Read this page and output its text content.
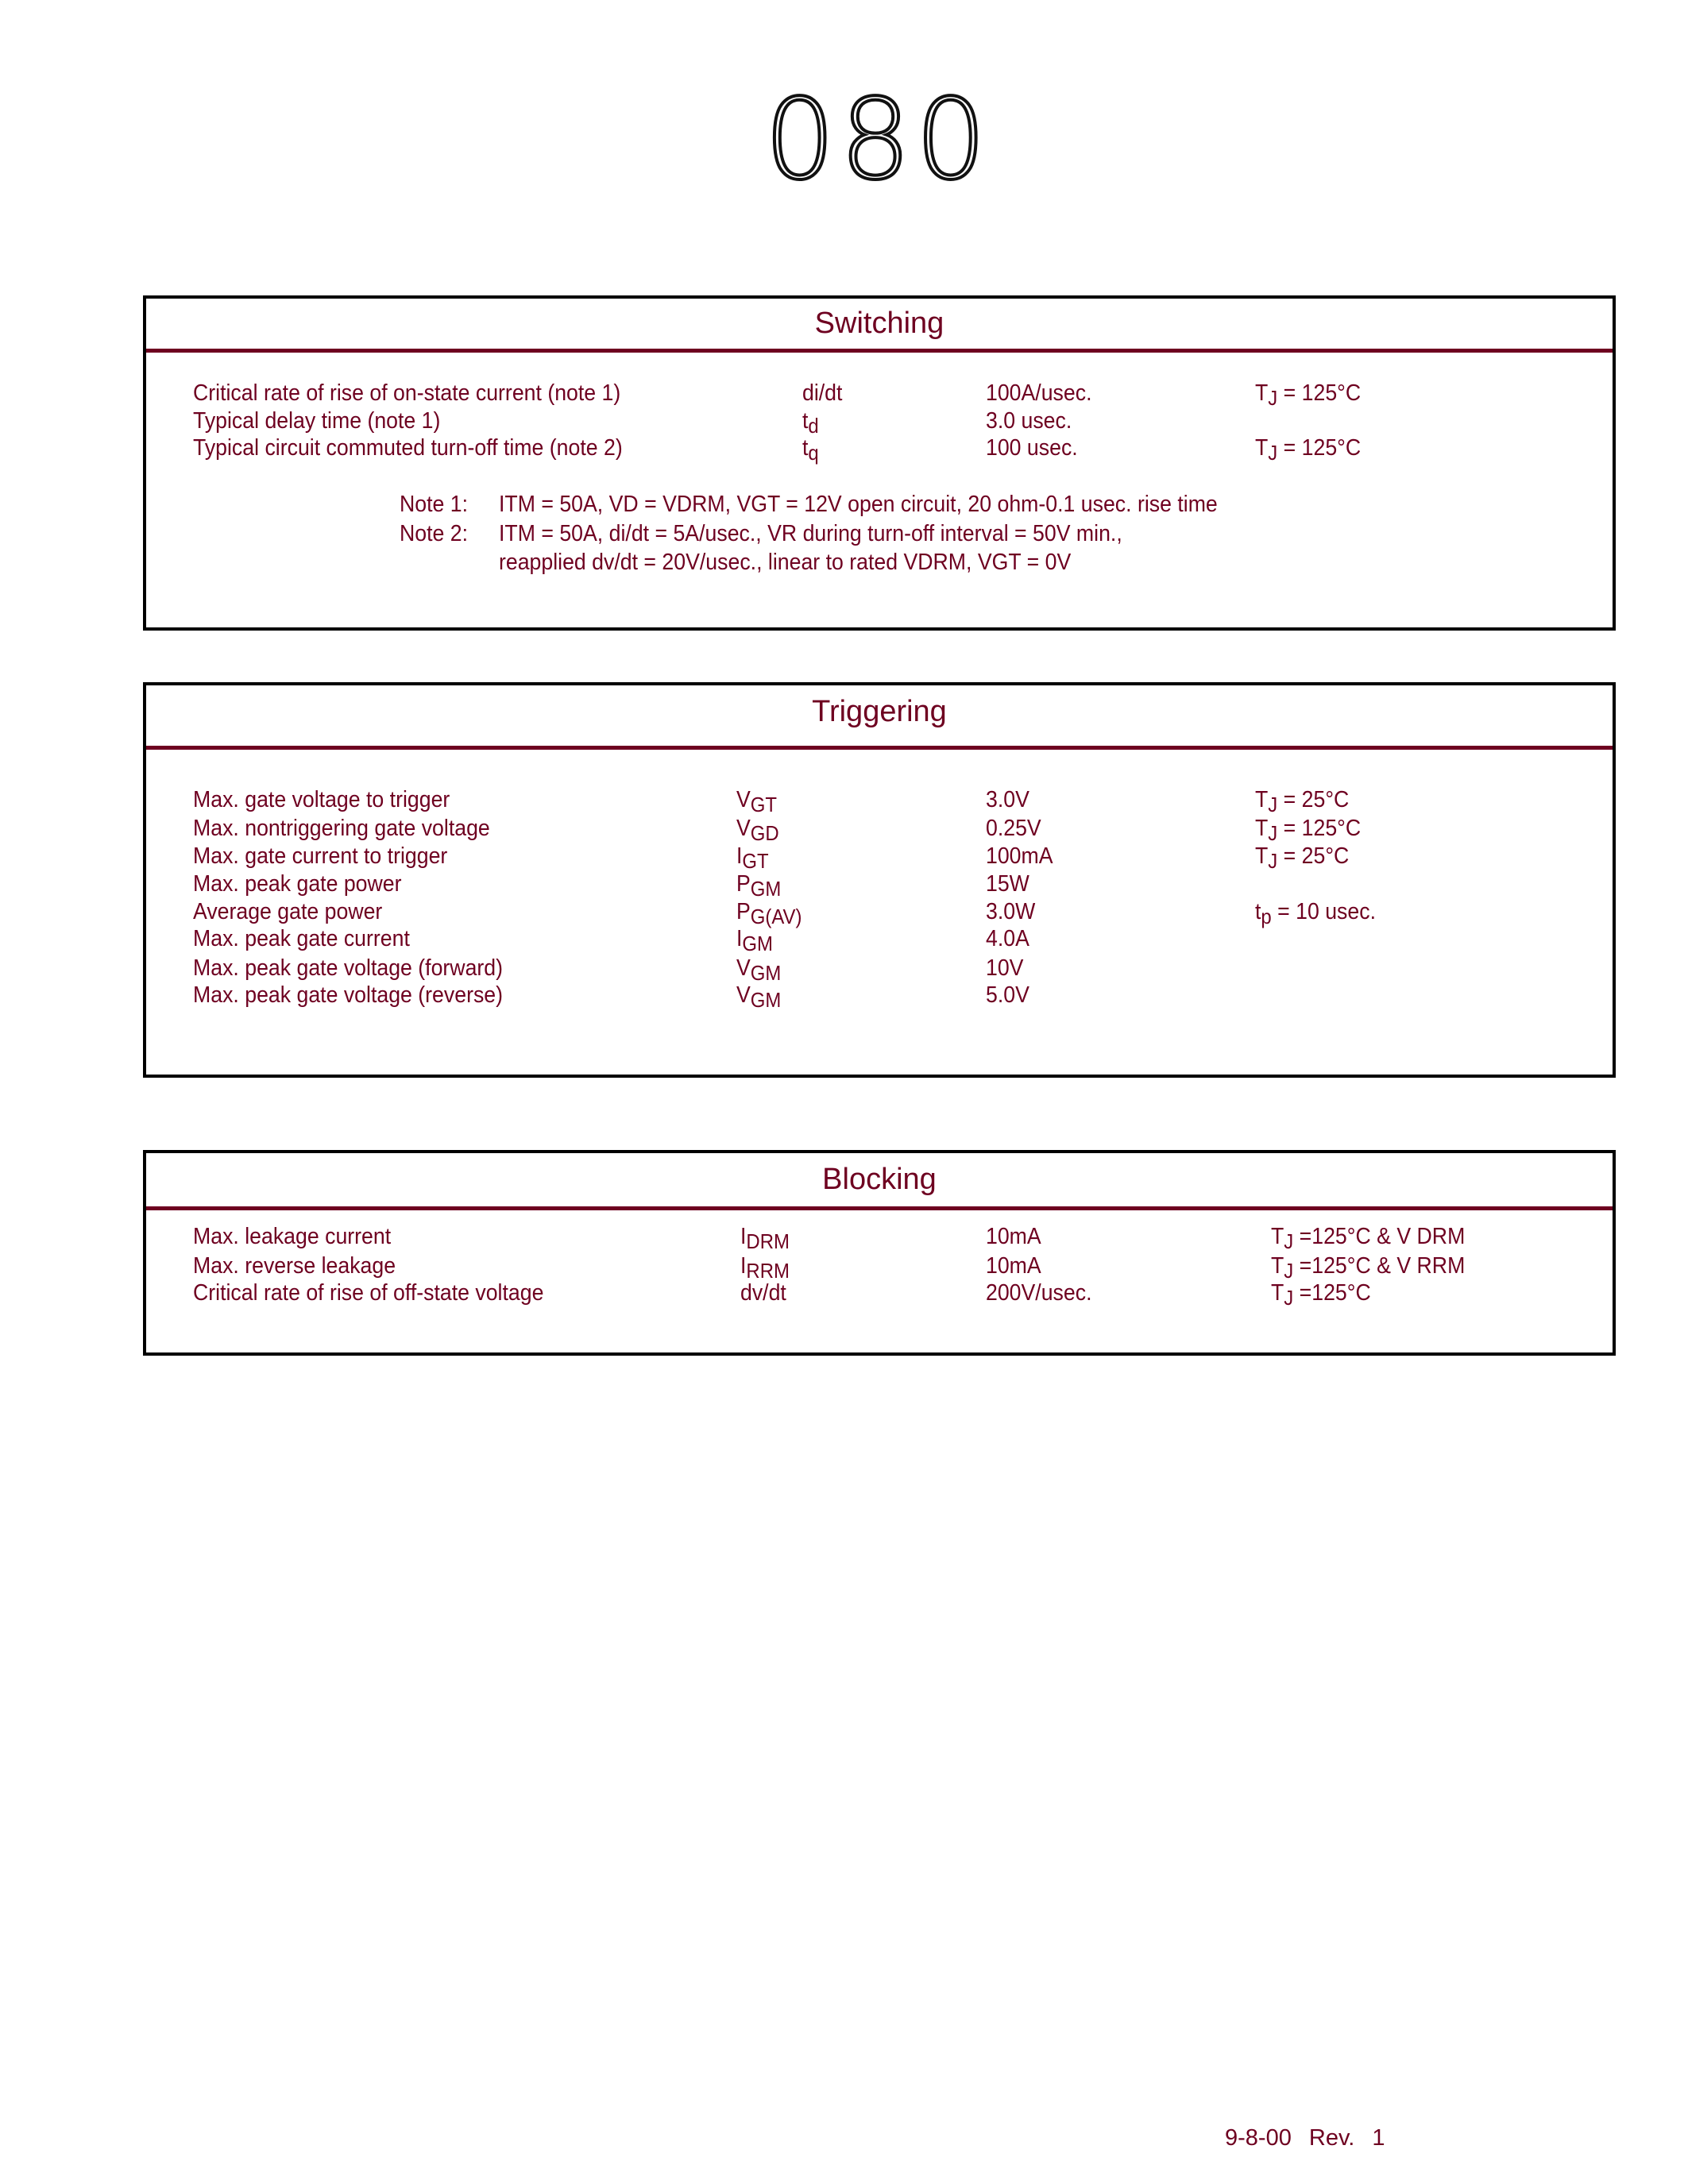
080
Switching
Triggering
Blocking
Critical rate of rise of on-state current (note 1)	di/dt	100A/usec.	TJ = 125°C
Typical delay time (note 1)	td	3.0 usec.
Typical circuit commuted turn-off time (note 2)	tq	100 usec.	TJ = 125°C
Max. gate voltage to trigger	VGT	3.0V	TJ = 25°C
Max. nontriggering gate voltage	VGD	0.25V	TJ = 125°C
Max. gate current to trigger	IGT	100mA	TJ = 25°C
Max. peak gate power	PGM	15W
Average gate power	PG(AV)	3.0W	tp = 10 usec.
Max. peak gate current	IGM	4.0A
Max. peak gate voltage (forward)	VGM	10V
Max. peak gate voltage (reverse)	VGM	5.0V
Max. leakage current	IDRM	10mA	TJ =125°C & V DRM
Max. reverse leakage	IRRM	10mA	TJ =125°C & V RRM
Critical rate of rise of off-state voltage	dv/dt	200V/usec.	TJ =125°C
Note 1: ITM = 50A, VD = VDRM, VGT = 12V open circuit, 20 ohm-0.1 usec. rise time
Note 2: ITM = 50A, di/dt = 5A/usec., VR during turn-off interval = 50V min.,
reapplied dv/dt = 20V/usec., linear to rated VDRM, VGT = 0V
9-8-00 Rev. 1
